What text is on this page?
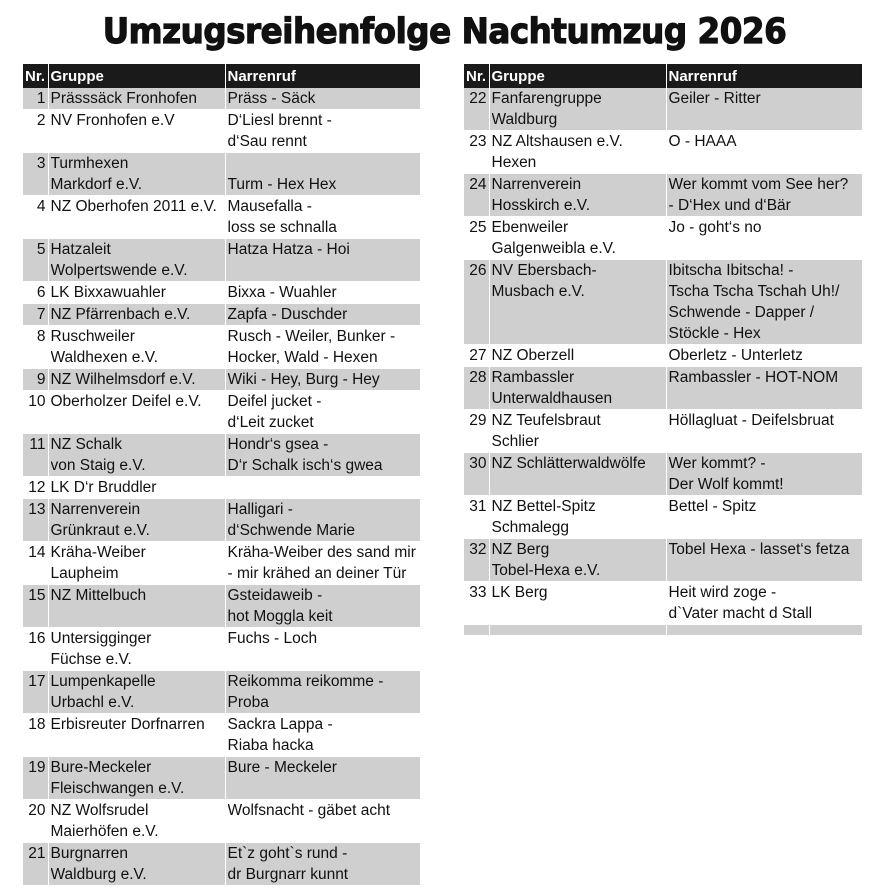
Umzugsreihenfolge Nachtumzug 2026
Nr.	Gruppe	Narrenruf
1	Prässsäck Fronhofen	Präss - Säck

2	NV Fronhofen e.V	D‘Liesl brennt -
d‘Sau rennt

3	Turmhexen
Markdorf e.V.	Turm - Hex Hex

4	NZ Oberhofen 2011 e.V.	Mausefalla -
loss se schnalla

5	Hatzaleit
Wolpertswende e.V.	Hatza Hatza - Hoi

6	LK Bixxawuahler	Bixxa - Wuahler

7	NZ Pfärrenbach e.V.	Zapfa - Duschder

8	Ruschweiler
Waldhexen e.V.	Rusch - Weiler, Bunker -
Hocker, Wald - Hexen

9	NZ Wilhelmsdorf e.V.	Wiki - Hey, Burg - Hey

10	Oberholzer Deifel e.V.	Deifel jucket -
d‘Leit zucket

11	NZ Schalk
von Staig e.V.	Hondr‘s gsea -
D‘r Schalk isch‘s gwea

12	LK D‘r Bruddler	

13	Narrenverein
Grünkraut e.V.	Halligari -
d‘Schwende Marie

14	Kräha-Weiber
Laupheim	Kräha-Weiber des sand mir
- mir krähed an deiner Tür

15	NZ Mittelbuch	Gsteidaweib -
hot Moggla keit

16	Untersigginger
Füchse e.V.	Fuchs - Loch

17	Lumpenkapelle
Urbachl e.V.	Reikomma reikomme -
Proba

18	Erbisreuter Dorfnarren	Sackra Lappa -
Riaba hacka

19	Bure-Meckeler
Fleischwangen e.V.	Bure - Meckeler

20	NZ Wolfsrudel
Maierhöfen e.V.	Wolfsnacht - gäbet acht

21	Burgnarren
Waldburg e.V.	Et`z goht`s rund -
dr Burgnarr kunnt
Nr.	Gruppe	Narrenruf
22	Fanfarengruppe
Waldburg	Geiler - Ritter

23	NZ Altshausen e.V.
Hexen	O - HAAA

24	Narrenverein
Hosskirch e.V.	Wer kommt vom See her?
- D‘Hex und d‘Bär

25	Ebenweiler
Galgenweibla e.V.	Jo - goht‘s no

26	NV Ebersbach-
Musbach e.V.	Ibitscha Ibitscha! -
Tscha Tscha Tschah Uh!/
Schwende - Dapper /
Stöckle - Hex

27	NZ Oberzell	Oberletz - Unterletz

28	Rambassler
Unterwaldhausen	Rambassler - HOT-NOM

29	NZ Teufelsbraut
Schlier	Höllagluat - Deifelsbruat

30	NZ Schlätterwaldwölfe	Wer kommt? -
Der Wolf kommt!

31	NZ Bettel-Spitz
Schmalegg	Bettel - Spitz

32	NZ Berg
Tobel-Hexa e.V.	Tobel Hexa - lasset‘s fetza

33	LK Berg	Heit wird zoge -
d`Vater macht d Stall
